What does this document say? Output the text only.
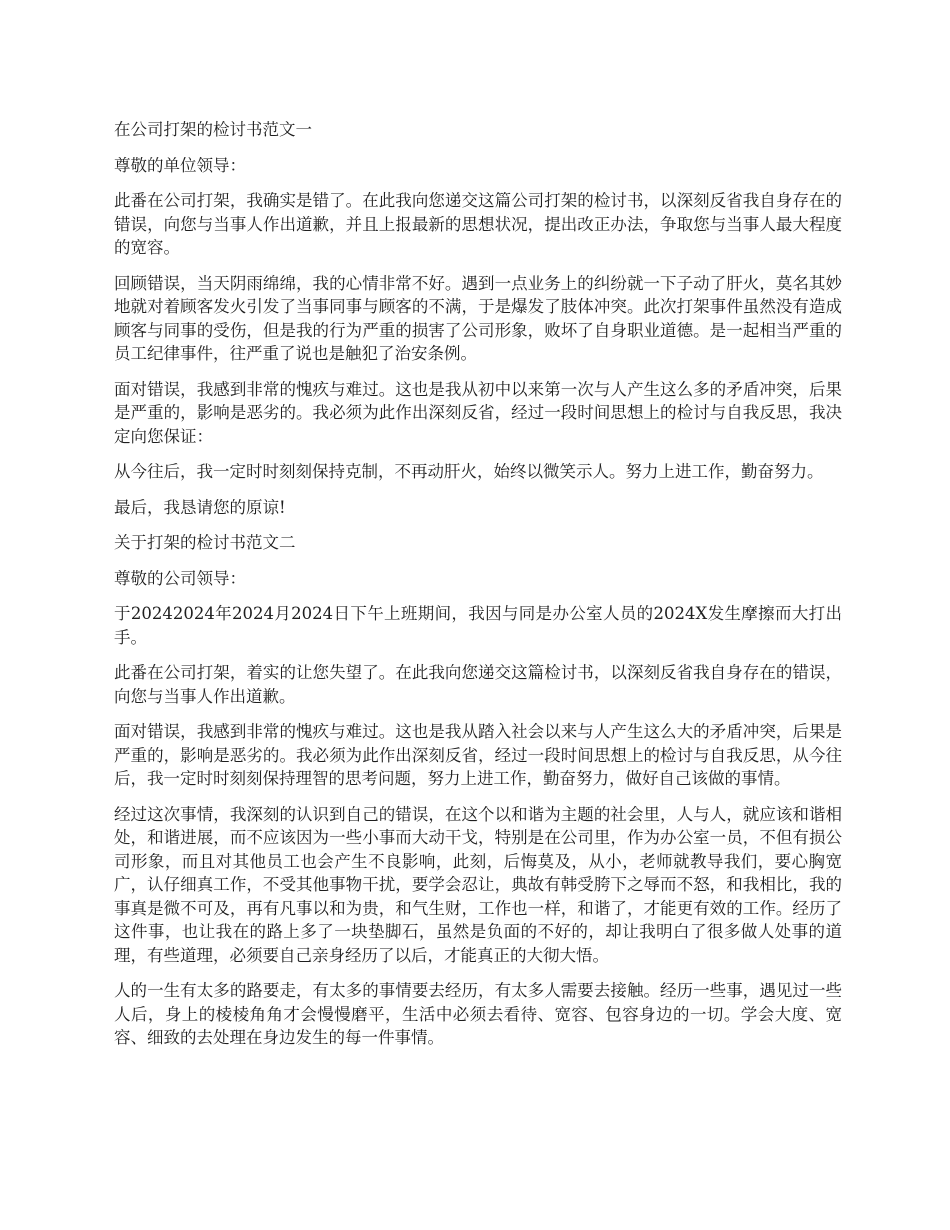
在公司打架的检讨书范文一

尊敬的单位领导：

此番在公司打架，我确实是错了。在此我向您递交这篇公司打架的检讨书，以深刻反省我自身存在的错误，向您与当事人作出道歉，并且上报最新的思想状况，提出改正办法，争取您与当事人最大程度的宽容。

回顾错误，当天阴雨绵绵，我的心情非常不好。遇到一点业务上的纠纷就一下子动了肝火，莫名其妙地就对着顾客发火引发了当事同事与顾客的不满，于是爆发了肢体冲突。此次打架事件虽然没有造成顾客与同事的受伤，但是我的行为严重的损害了公司形象，败坏了自身职业道德。是一起相当严重的员工纪律事件，往严重了说也是触犯了治安条例。

面对错误，我感到非常的愧疚与难过。这也是我从初中以来第一次与人产生这么多的矛盾冲突，后果是严重的，影响是恶劣的。我必须为此作出深刻反省，经过一段时间思想上的检讨与自我反思，我决定向您保证：

从今往后，我一定时时刻刻保持克制，不再动肝火，始终以微笑示人。努力上进工作，勤奋努力。

最后，我恳请您的原谅!

关于打架的检讨书范文二

尊敬的公司领导：

于20242024年2024月2024日下午上班期间，我因与同是办公室人员的2024X发生摩擦而大打出手。

此番在公司打架，着实的让您失望了。在此我向您递交这篇检讨书，以深刻反省我自身存在的错误，向您与当事人作出道歉。

面对错误，我感到非常的愧疚与难过。这也是我从踏入社会以来与人产生这么大的矛盾冲突，后果是严重的，影响是恶劣的。我必须为此作出深刻反省，经过一段时间思想上的检讨与自我反思，从今往后，我一定时时刻刻保持理智的思考问题，努力上进工作，勤奋努力，做好自己该做的事情。

经过这次事情，我深刻的认识到自己的错误，在这个以和谐为主题的社会里，人与人，就应该和谐相处，和谐进展，而不应该因为一些小事而大动干戈，特别是在公司里，作为办公室一员，不但有损公司形象，而且对其他员工也会产生不良影响，此刻，后悔莫及，从小，老师就教导我们，要心胸宽广，认仔细真工作，不受其他事物干扰，要学会忍让，典故有韩受胯下之辱而不怒，和我相比，我的事真是微不可及，再有凡事以和为贵，和气生财，工作也一样，和谐了，才能更有效的工作。经历了这件事，也让我在的路上多了一块垫脚石，虽然是负面的不好的，却让我明白了很多做人处事的道理，有些道理，必须要自己亲身经历了以后，才能真正的大彻大悟。

人的一生有太多的路要走，有太多的事情要去经历，有太多人需要去接触。经历一些事，遇见过一些人后，身上的棱棱角角才会慢慢磨平，生活中必须去看待、宽容、包容身边的一切。学会大度、宽容、细致的去处理在身边发生的每一件事情。
